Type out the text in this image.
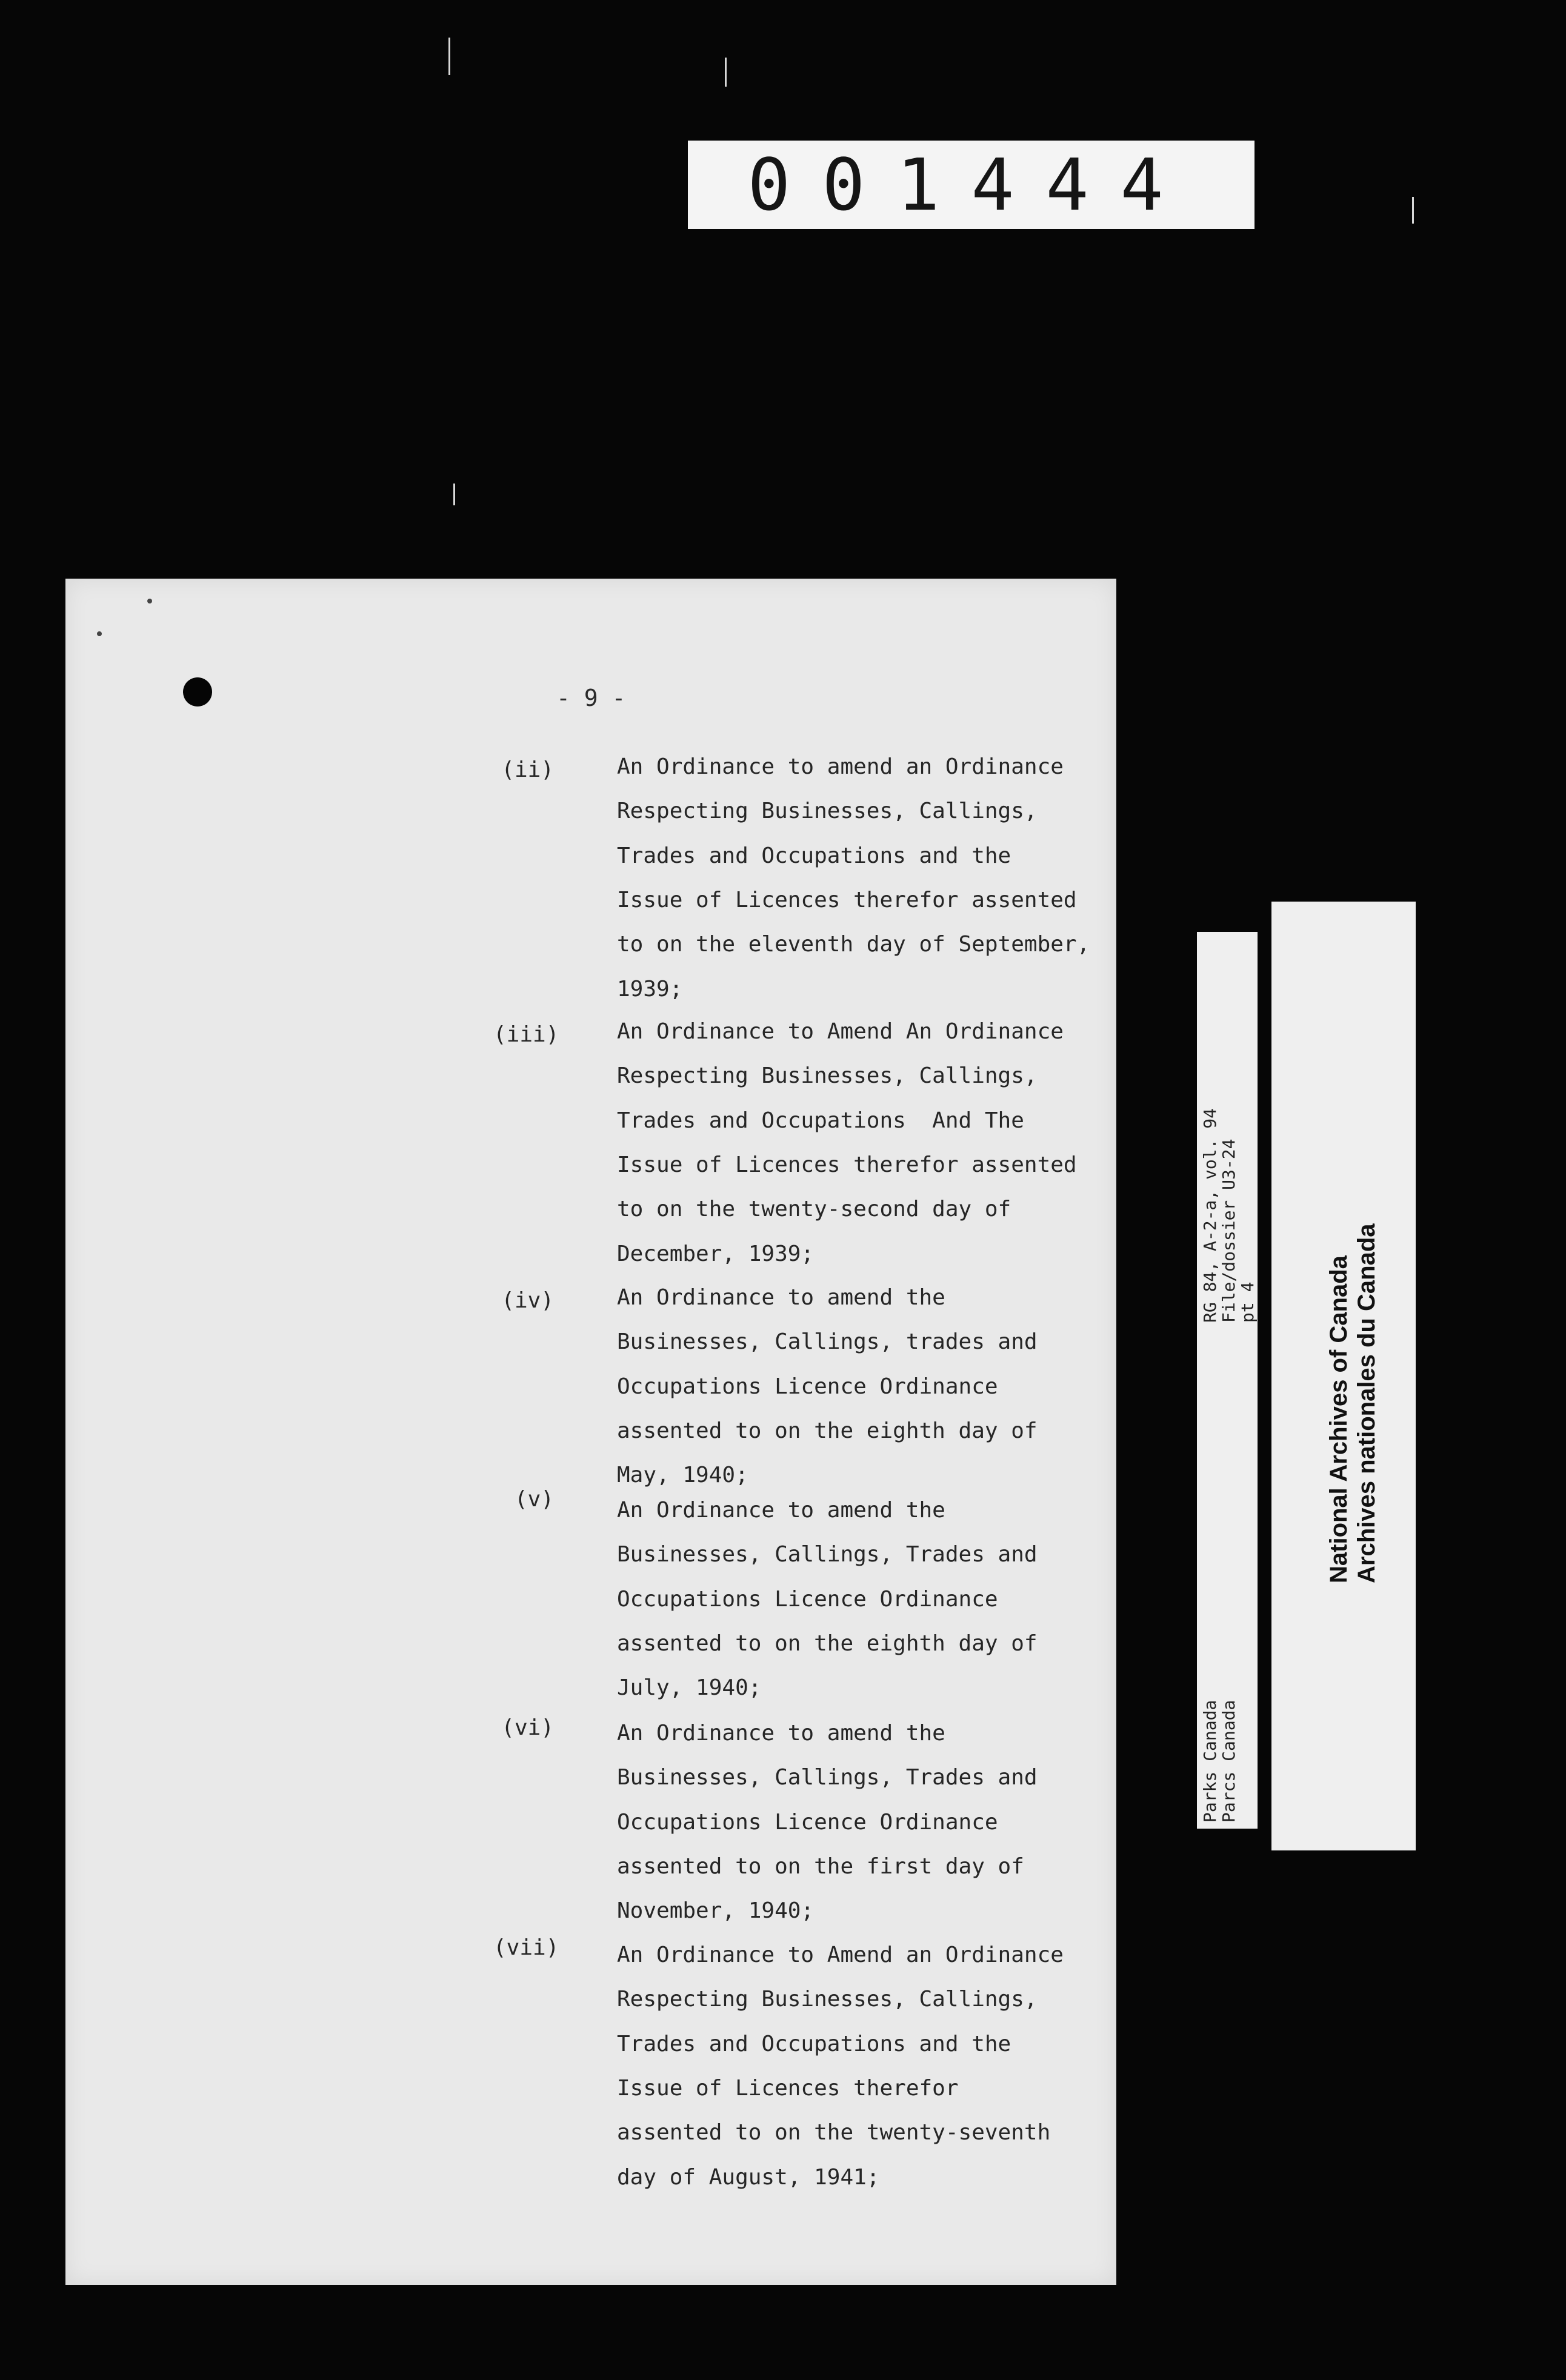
001444
- 9 -
(ii)	An Ordinance to amend an Ordinance
Respecting Businesses, Callings,
Trades and Occupations and the
Issue of Licences therefor assented
to on the eleventh day of September,
1939;
(iii)	An Ordinance to Amend An Ordinance
Respecting Businesses, Callings,
Trades and Occupations  And The
Issue of Licences therefor assented
to on the twenty-second day of
December, 1939;
(iv)	An Ordinance to amend the
Businesses, Callings, trades and
Occupations Licence Ordinance
assented to on the eighth day of
May, 1940;
(v)	An Ordinance to amend the
Businesses, Callings, Trades and
Occupations Licence Ordinance
assented to on the eighth day of
July, 1940;
(vi)	An Ordinance to amend the
Businesses, Callings, Trades and
Occupations Licence Ordinance
assented to on the first day of
November, 1940;
(vii)	An Ordinance to Amend an Ordinance
Respecting Businesses, Callings,
Trades and Occupations and the
Issue of Licences therefor
assented to on the twenty-seventh
day of August, 1941;
RG 84, A-2-a, vol. 94
File/dossier U3-24
pt 4
Parks Canada
Parcs Canada
National Archives of Canada Archives nationales du Canada
